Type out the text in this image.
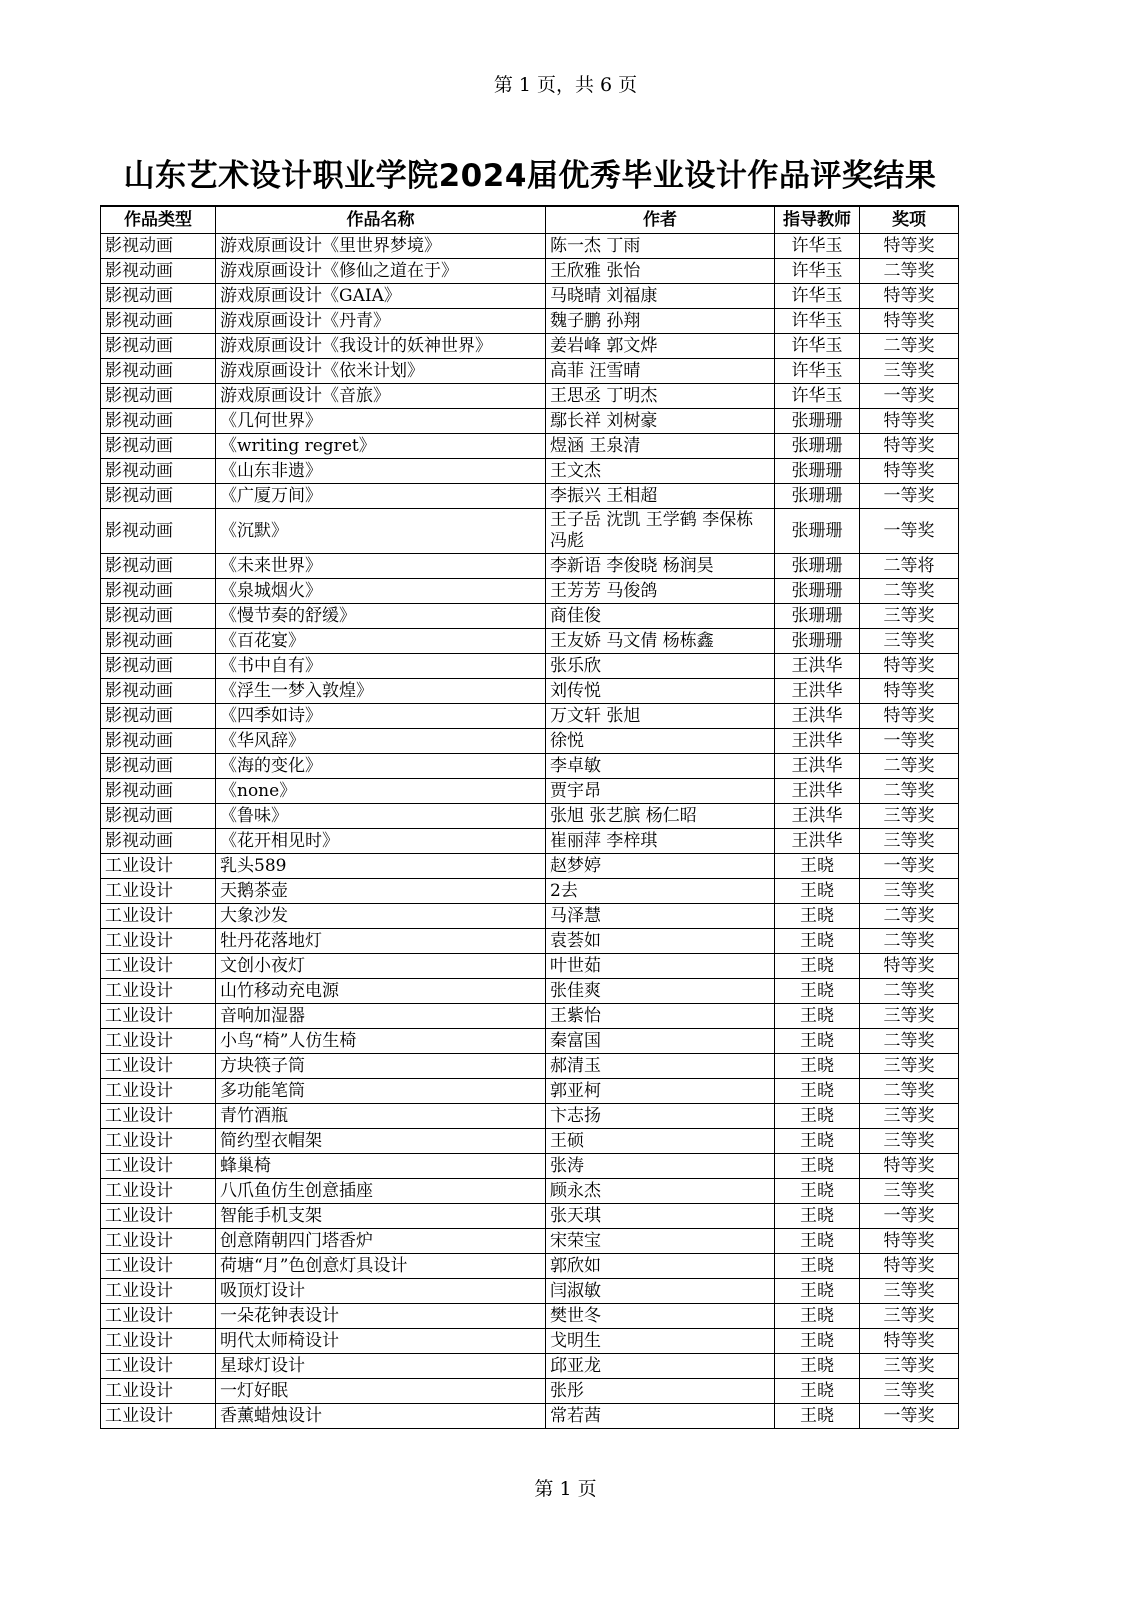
第 1 页，共 6 页
山东艺术设计职业学院2024届优秀毕业设计作品评奖结果
作品类型	作品名称	作者	指导教师	奖项
影视动画	游戏原画设计《里世界梦境》	陈一杰 丁雨	许华玉	特等奖
影视动画	游戏原画设计《修仙之道在于》	王欣雅 张怡	许华玉	二等奖
影视动画	游戏原画设计《GAIA》	马晓晴 刘福康	许华玉	特等奖
影视动画	游戏原画设计《丹青》	魏子鹏 孙翔	许华玉	特等奖
影视动画	游戏原画设计《我设计的妖神世界》	姜岩峰 郭文烨	许华玉	二等奖
影视动画	游戏原画设计《依米计划》	高菲 汪雪晴	许华玉	三等奖
影视动画	游戏原画设计《音旅》	王思丞 丁明杰	许华玉	一等奖
影视动画	《几何世界》	鄢长祥 刘树豪	张珊珊	特等奖
影视动画	《writing regret》	煜涵 王泉清	张珊珊	特等奖
影视动画	《山东非遗》	王文杰	张珊珊	特等奖
影视动画	《广厦万间》	李振兴 王相超	张珊珊	一等奖
影视动画	《沉默》	王子岳 沈凯 王学鹤 李保栋 冯彪	张珊珊	一等奖
影视动画	《未来世界》	李新语 李俊晓 杨润昊	张珊珊	二等将
影视动画	《泉城烟火》	王芳芳 马俊鸽	张珊珊	二等奖
影视动画	《慢节奏的舒缓》	商佳俊	张珊珊	三等奖
影视动画	《百花宴》	王友娇 马文倩 杨栋鑫	张珊珊	三等奖
影视动画	《书中自有》	张乐欣	王洪华	特等奖
影视动画	《浮生一梦入敦煌》	刘传悦	王洪华	特等奖
影视动画	《四季如诗》	万文轩 张旭	王洪华	特等奖
影视动画	《华风辞》	徐悦	王洪华	一等奖
影视动画	《海的变化》	李卓敏	王洪华	二等奖
影视动画	《none》	贾宇昂	王洪华	二等奖
影视动画	《鲁味》	张旭 张艺膑 杨仁昭	王洪华	三等奖
影视动画	《花开相见时》	崔丽萍 李梓琪	王洪华	三等奖
工业设计	乳头589	赵梦婷	王晓	一等奖
工业设计	天鹅茶壶	2去	王晓	三等奖
工业设计	大象沙发	马泽慧	王晓	二等奖
工业设计	牡丹花落地灯	袁荟如	王晓	二等奖
工业设计	文创小夜灯	叶世茹	王晓	特等奖
工业设计	山竹移动充电源	张佳爽	王晓	二等奖
工业设计	音响加湿器	王紫怡	王晓	三等奖
工业设计	小鸟“椅”人仿生椅	秦富国	王晓	二等奖
工业设计	方块筷子筒	郝清玉	王晓	三等奖
工业设计	多功能笔筒	郭亚柯	王晓	二等奖
工业设计	青竹酒瓶	卞志扬	王晓	三等奖
工业设计	简约型衣帽架	王硕	王晓	三等奖
工业设计	蜂巢椅	张涛	王晓	特等奖
工业设计	八爪鱼仿生创意插座	顾永杰	王晓	三等奖
工业设计	智能手机支架	张天琪	王晓	一等奖
工业设计	创意隋朝四门塔香炉	宋荣宝	王晓	特等奖
工业设计	荷塘“月”色创意灯具设计	郭欣如	王晓	特等奖
工业设计	吸顶灯设计	闫淑敏	王晓	三等奖
工业设计	一朵花钟表设计	樊世冬	王晓	三等奖
工业设计	明代太师椅设计	戈明生	王晓	特等奖
工业设计	星球灯设计	邱亚龙	王晓	三等奖
工业设计	一灯好眠	张彤	王晓	三等奖
工业设计	香薰蜡烛设计	常若茜	王晓	一等奖
第 1 页
